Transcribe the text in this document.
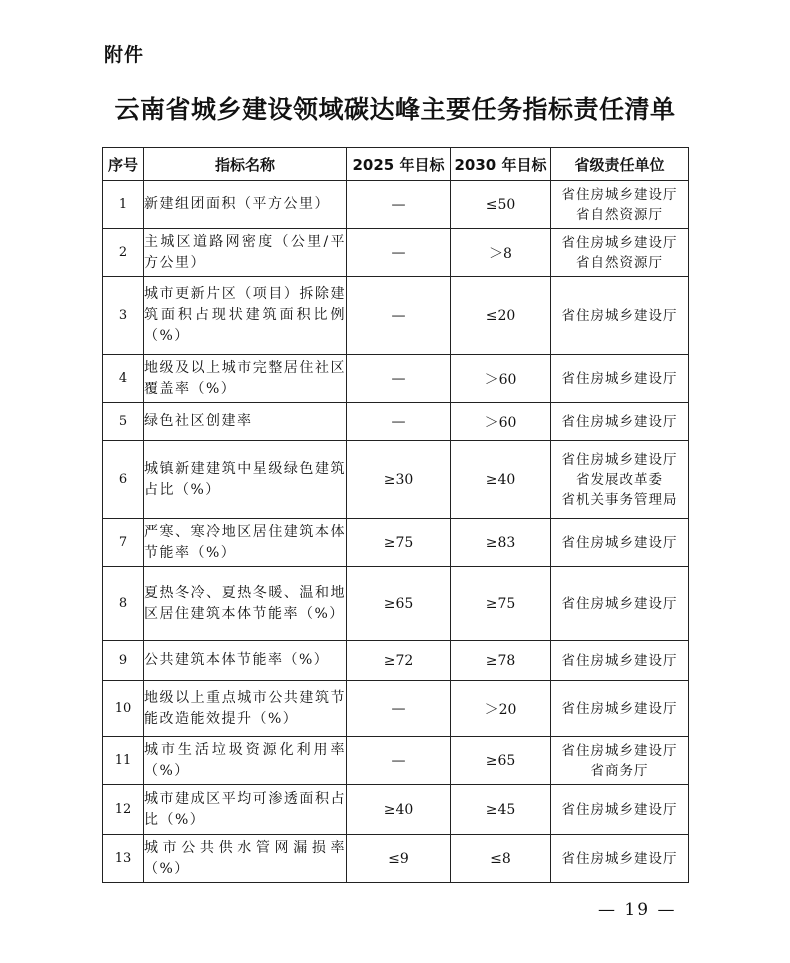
附件
云南省城乡建设领域碳达峰主要任务指标责任清单
序号	指标名称	2025 年目标	2030 年目标	省级责任单位
1	新建组团面积（平方公里）	—	≤50	省住房城乡建设厅
省自然资源厅

2	主城区道路网密度（公里/平方公里）	—	＞8	省住房城乡建设厅
省自然资源厅

3	城市更新片区（项目）拆除建筑面积占现状建筑面积比例（%）	—	≤20	省住房城乡建设厅

4	地级及以上城市完整居住社区覆盖率（%）	—	＞60	省住房城乡建设厅

5	绿色社区创建率	—	＞60	省住房城乡建设厅

6	城镇新建建筑中星级绿色建筑占比（%）	≥30	≥40	省住房城乡建设厅
省发展改革委
省机关事务管理局

7	严寒、寒冷地区居住建筑本体节能率（%）	≥75	≥83	省住房城乡建设厅

8	夏热冬冷、夏热冬暖、温和地区居住建筑本体节能率（%）	≥65	≥75	省住房城乡建设厅

9	公共建筑本体节能率（%）	≥72	≥78	省住房城乡建设厅

10	地级以上重点城市公共建筑节能改造能效提升（%）	—	＞20	省住房城乡建设厅

11	城市生活垃圾资源化利用率（%）	—	≥65	省住房城乡建设厅
省商务厅

12	城市建成区平均可渗透面积占比（%）	≥40	≥45	省住房城乡建设厅

13	城市公共供水管网漏损率（%）	≤9	≤8	省住房城乡建设厅
— 19 —
